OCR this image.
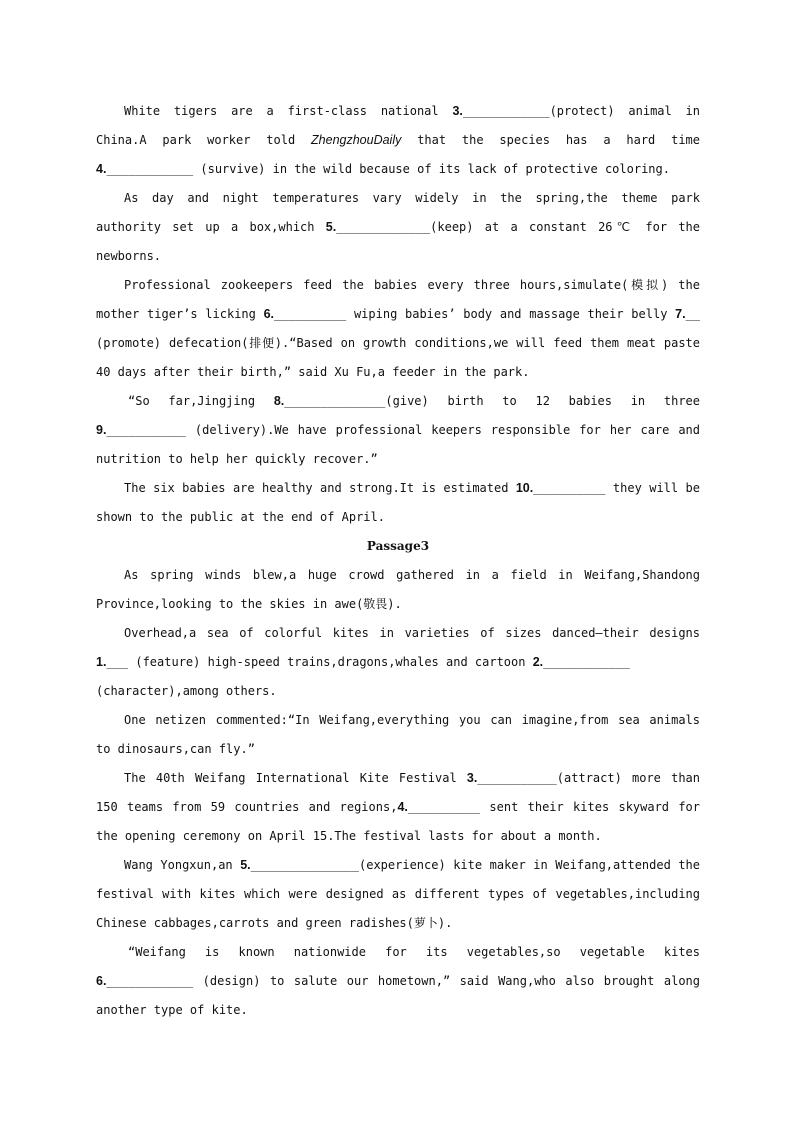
White tigers are a first-class national 3.____________(protect) animal in China.A park worker told ZhengzhouDaily that the species has a hard time 4.____________ (survive) in the wild because of its lack of protective coloring.

As day and night temperatures vary widely in the spring,the theme park authority set up a box,which 5._____________(keep) at a constant 26℃ for the newborns.

Professional zookeepers feed the babies every three hours,simulate(模拟) the mother tiger’s licking 6.__________ wiping babies’ body and massage their belly 7.__ (promote) defecation(排便).“Based on growth conditions,we will feed them meat paste 40 days after their birth,” said Xu Fu,a feeder in the park.

“So far,Jingjing 8.______________(give) birth to 12 babies in three 9.___________ (delivery).We have professional keepers responsible for her care and nutrition to help her quickly recover.”

The six babies are healthy and strong.It is estimated 10.__________ they will be shown to the public at the end of April.

Passage3

As spring winds blew,a huge crowd gathered in a field in Weifang,Shandong Province,looking to the skies in awe(敬畏).

Overhead,a sea of colorful kites in varieties of sizes danced—their designs 1.___ (feature) high-speed trains,dragons,whales and cartoon 2.____________

(character),among others.

One netizen commented:“In Weifang,everything you can imagine,from sea animals to dinosaurs,can fly.”

The 40th Weifang International Kite Festival 3.___________(attract) more than 150 teams from 59 countries and regions,4.__________ sent their kites skyward for the opening ceremony on April 15.The festival lasts for about a month.

Wang Yongxun,an 5._______________(experience) kite maker in Weifang,attended the festival with kites which were designed as different types of vegetables,including Chinese cabbages,carrots and green radishes(萝卜).

“Weifang is known nationwide for its vegetables,so vegetable kites 6.____________ (design) to salute our hometown,” said Wang,who also brought along another type of kite.
